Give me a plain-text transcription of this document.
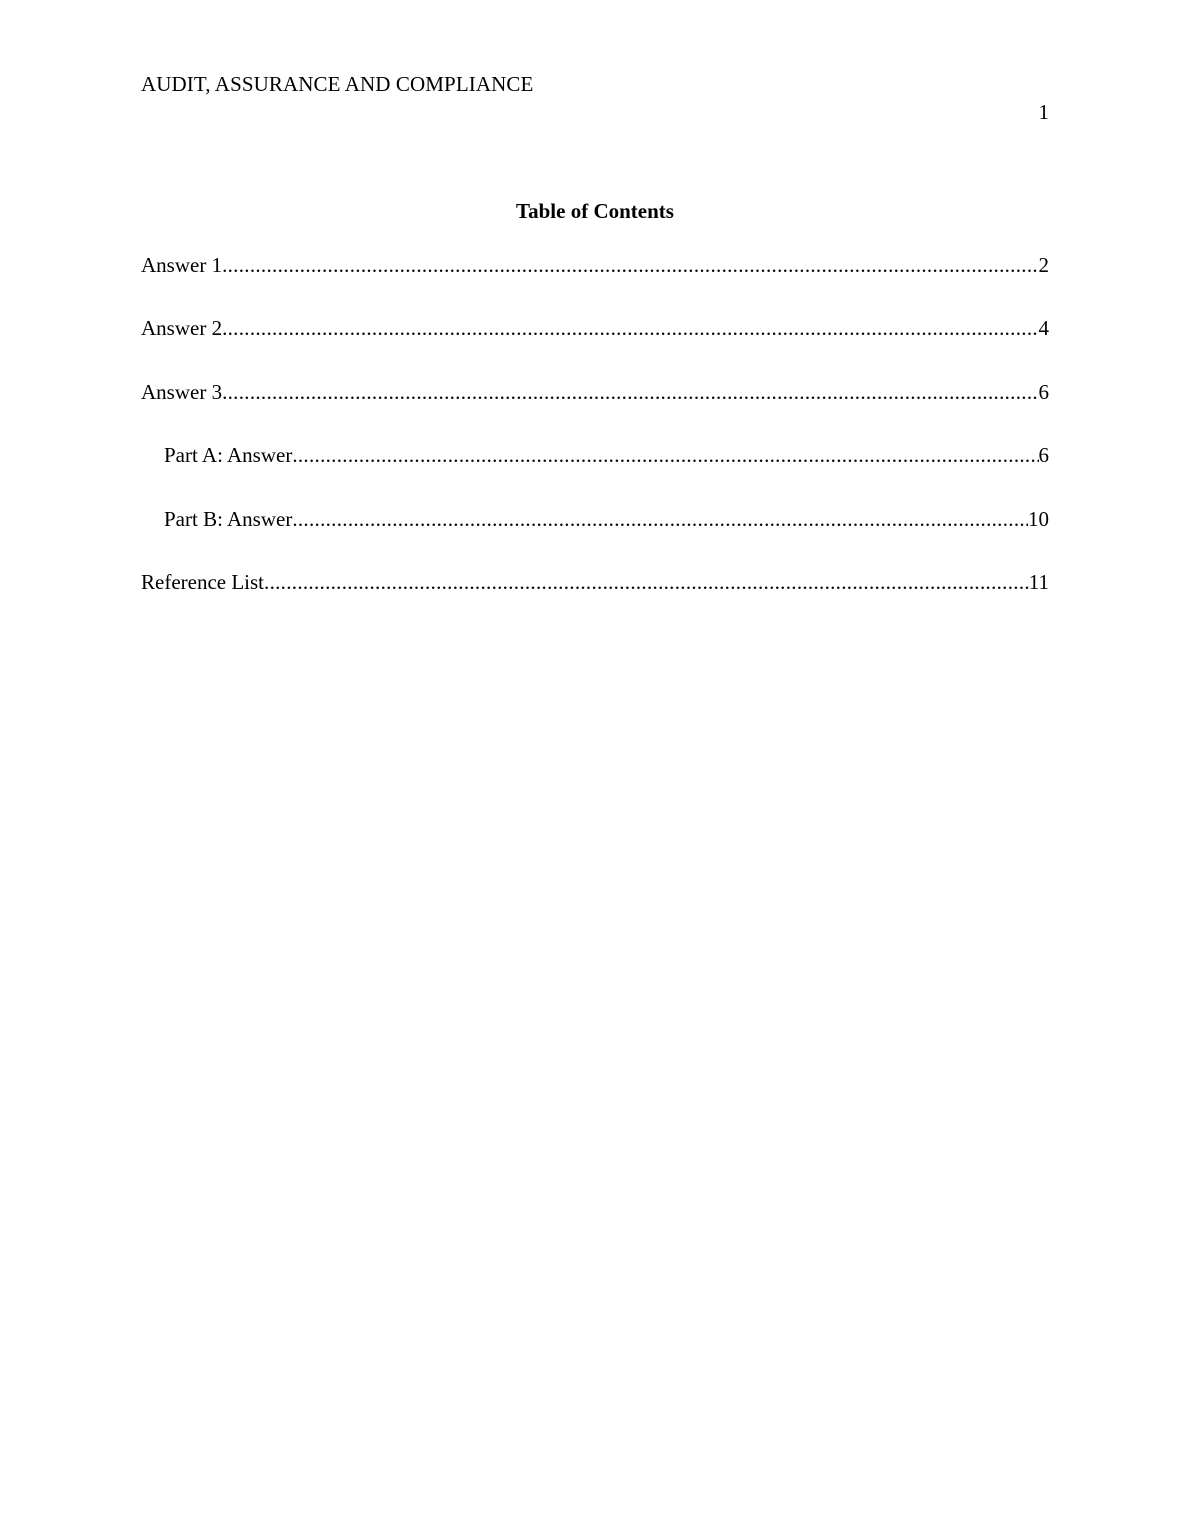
AUDIT, ASSURANCE AND COMPLIANCE
1
Table of Contents
Answer 1 .....	2
Answer 2 .....	4
Answer 3 .....	6
Part A: Answer .....	6
Part B: Answer .....	10
Reference List .....	11
